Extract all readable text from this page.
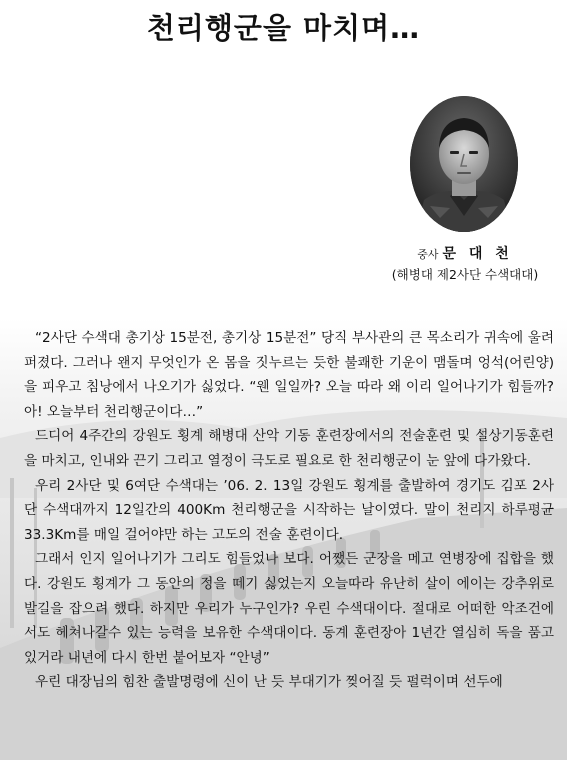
천리행군을 마치며…
중사 문 대 천
(해병대 제2사단 수색대대)

“2사단 수색대 총기상 15분전, 총기상 15분전” 당직 부사관의 큰 목소리가 귀속에 울려 퍼졌다. 그러나 왠지 무엇인가 온 몸을 짓누르는 듯한 불쾌한 기운이 맴돌며 엉석(어린양)을 피우고 침낭에서 나오기가 싫었다. “웬 일일까? 오늘 따라 왜 이리 일어나기가 힘들까? 아! 오늘부터 천리행군이다…”

드디어 4주간의 강원도 횡계 해병대 산악 기동 훈련장에서의 전술훈련 및 설상기동훈련을 마치고, 인내와 끈기 그리고 열정이 극도로 필요로 한 천리행군이 눈 앞에 다가왔다.

우리 2사단 및 6여단 수색대는 ’06. 2. 13일 강원도 횡계를 출발하여 경기도 김포 2사단 수색대까지 12일간의 400Km 천리행군을 시작하는 날이였다. 말이 천리지 하루평균 33.3Km를 매일 걸어야만 하는 고도의 전술 훈련이다.

그래서 인지 일어나기가 그리도 힘들었나 보다. 어쨌든 군장을 메고 연병장에 집합을 했다. 강원도 횡계가 그 동안의 정을 떼기 싫었는지 오늘따라 유난히 살이 에이는 강추위로 발길을 잡으려 했다. 하지만 우리가 누구인가? 우린 수색대이다. 절대로 어떠한 악조건에서도 헤쳐나갈수 있는 능력을 보유한 수색대이다. 동계 훈련장아 1년간 열심히 독을 품고 있거라 내년에 다시 한번 붙어보자 “안녕”

우린 대장님의 힘찬 출발명령에 신이 난 듯 부대기가 찢어질 듯 펄럭이며 선두에
